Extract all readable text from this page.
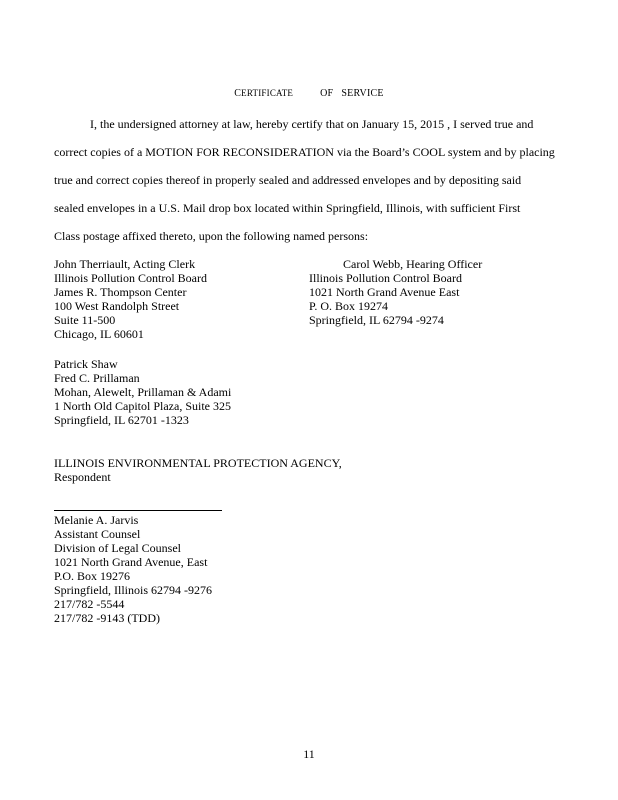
CERTIFICATE	OF SERVICE
I, the undersigned attorney at law, hereby certify that on January 15, 2015 , I served true and
correct copies of a MOTION FOR RECONSIDERATION via the Board’s COOL system and by placing
true and correct copies thereof in properly sealed and addressed envelopes and by depositing said
sealed envelopes in a U.S. Mail drop box located within Springfield, Illinois, with sufficient First
Class postage affixed thereto, upon the following named persons:
John Therriault, Acting Clerk
Illinois Pollution Control Board
James R. Thompson Center
100 West Randolph Street
Suite 11-500
Chicago, IL 60601
Carol Webb, Hearing Officer
Illinois Pollution Control Board
1021 North Grand Avenue East
P. O. Box 19274
Springfield, IL 62794 -9274
Patrick Shaw
Fred C. Prillaman
Mohan, Alewelt, Prillaman & Adami
1 North Old Capitol Plaza, Suite 325
Springfield, IL 62701 -1323
ILLINOIS ENVIRONMENTAL PROTECTION AGENCY,
Respondent
Melanie A. Jarvis
Assistant Counsel
Division of Legal Counsel
1021 North Grand Avenue, East
P.O. Box 19276
Springfield, Illinois 62794 -9276
217/782 -5544
217/782 -9143 (TDD)
11
